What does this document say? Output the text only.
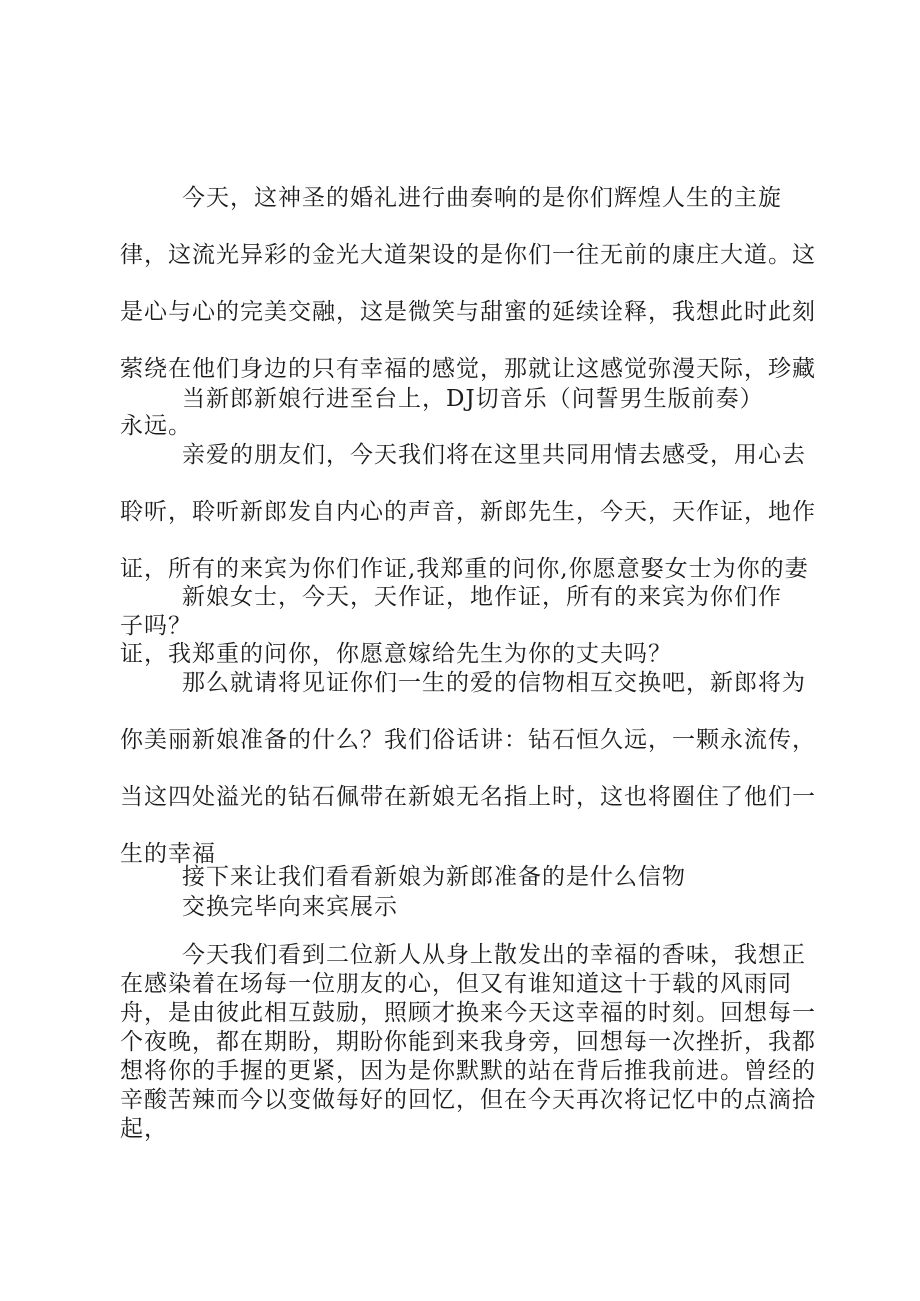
今天，这神圣的婚礼进行曲奏响的是你们辉煌人生的主旋律，这流光异彩的金光大道架设的是你们一往无前的康庄大道。这是心与心的完美交融，这是微笑与甜蜜的延续诠释，我想此时此刻萦绕在他们身边的只有幸福的感觉，那就让这感觉弥漫天际，珍藏永远。

当新郎新娘行进至台上，DJ切音乐（问誓男生版前奏）

亲爱的朋友们，今天我们将在这里共同用情去感受，用心去聆听，聆听新郎发自内心的声音，新郎先生，今天，天作证，地作证，所有的来宾为你们作证,我郑重的问你,你愿意娶女士为你的妻子吗？

新娘女士，今天，天作证，地作证，所有的来宾为你们作证，我郑重的问你，你愿意嫁给先生为你的丈夫吗？

那么就请将见证你们一生的爱的信物相互交换吧，新郎将为你美丽新娘准备的什么？我们俗话讲：钻石恒久远，一颗永流传，当这四处溢光的钻石佩带在新娘无名指上时，这也将圈住了他们一生的幸福

接下来让我们看看新娘为新郎准备的是什么信物

交换完毕向来宾展示

今天我们看到二位新人从身上散发出的幸福的香味，我想正在感染着在场每一位朋友的心，但又有谁知道这十于载的风雨同舟，是由彼此相互鼓励，照顾才换来今天这幸福的时刻。回想每一个夜晚，都在期盼，期盼你能到来我身旁，回想每一次挫折，我都想将你的手握的更紧，因为是你默默的站在背后推我前进。曾经的辛酸苦辣而今以变做每好的回忆，但在今天再次将记忆中的点滴拾起，
